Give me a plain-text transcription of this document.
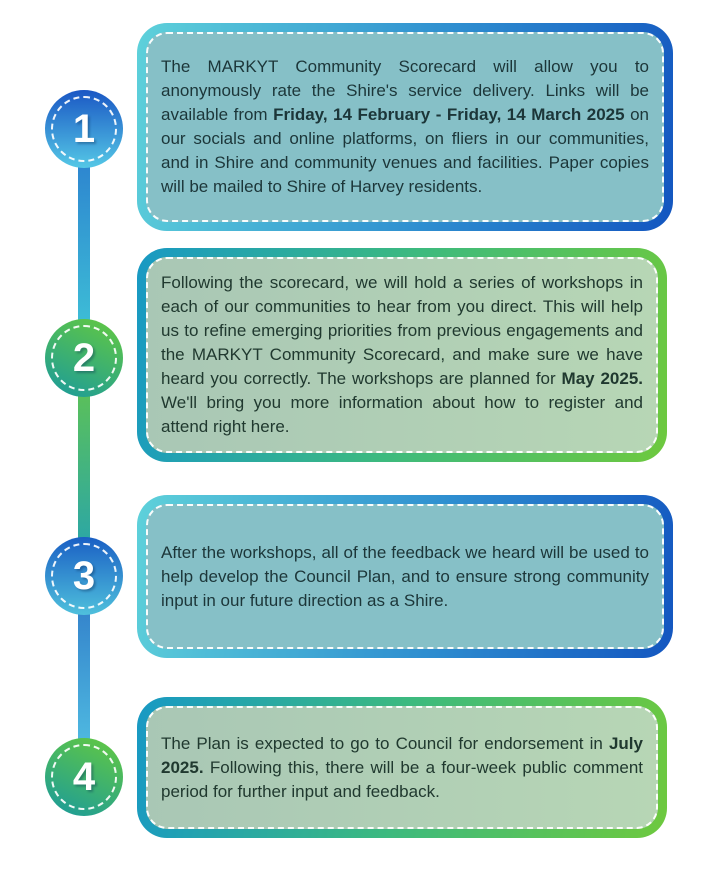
1

The MARKYT Community Scorecard will allow you to anonymously rate the Shire's service delivery. Links will be available from Friday, 14 February - Friday, 14 March 2025 on our socials and online platforms, on fliers in our communities, and in Shire and community venues and facilities. Paper copies will be mailed to Shire of Harvey residents.

2

Following the scorecard, we will hold a series of workshops in each of our communities to hear from you direct. This will help us to refine emerging priorities from previous engagements and the MARKYT Community Scorecard, and make sure we have heard you correctly. The workshops are planned for May 2025. We'll bring you more information about how to register and attend right here.

3

After the workshops, all of the feedback we heard will be used to help develop the Council Plan, and to ensure strong community input in our future direction as a Shire.

4

The Plan is expected to go to Council for endorsement in July 2025. Following this, there will be a four-week public comment period for further input and feedback.
